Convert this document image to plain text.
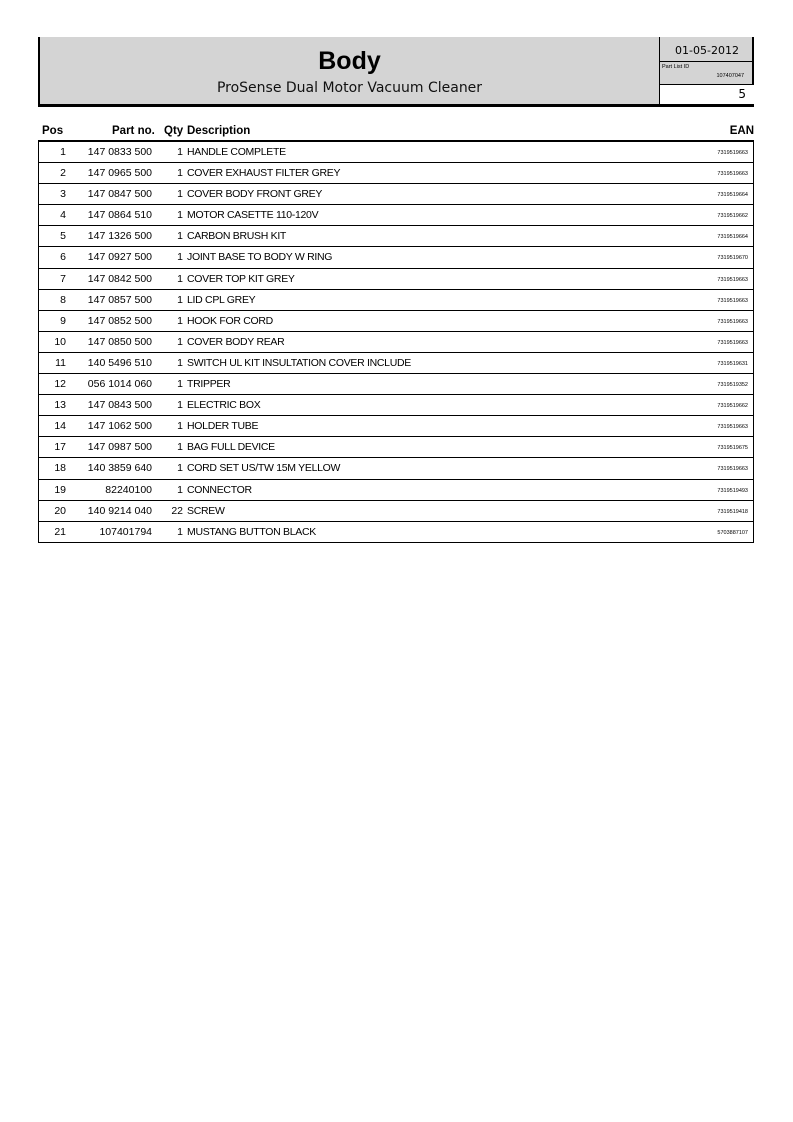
Body
ProSense Dual Motor Vacuum Cleaner
01-05-2012
Part List ID
107407047
5
Pos	Part no. Qty Description	EAN
1	147 0833 500	1 HANDLE COMPLETE	7319519663
2	147 0965 500	1 COVER EXHAUST FILTER GREY	7319519663
3	147 0847 500	1 COVER BODY FRONT GREY	7319519664
4	147 0864 510	1 MOTOR CASETTE 110-120V	7319519662
5	147 1326 500	1 CARBON BRUSH KIT	7319519664
6	147 0927 500	1 JOINT BASE TO BODY W RING	7319519670
7	147 0842 500	1 COVER TOP KIT GREY	7319519663
8	147 0857 500	1 LID CPL GREY	7319519663
9	147 0852 500	1 HOOK FOR CORD	7319519663
10	147 0850 500	1 COVER BODY REAR	7319519663
11	140 5496 510	1 SWITCH UL KIT INSULTATION COVER INCLUDE	7319519631
12	056 1014 060	1 TRIPPER	7319519352
13	147 0843 500	1 ELECTRIC BOX	7319519662
14	147 1062 500	1 HOLDER TUBE	7319519663
17	147 0987 500	1 BAG FULL DEVICE	7319519675
18	140 3859 640	1 CORD SET US/TW 15M YELLOW	7319519663
19	82240100	1 CONNECTOR	7319519493
20	140 9214 040	22 SCREW	7319519418
21	107401794	1 MUSTANG BUTTON BLACK	5703887107
